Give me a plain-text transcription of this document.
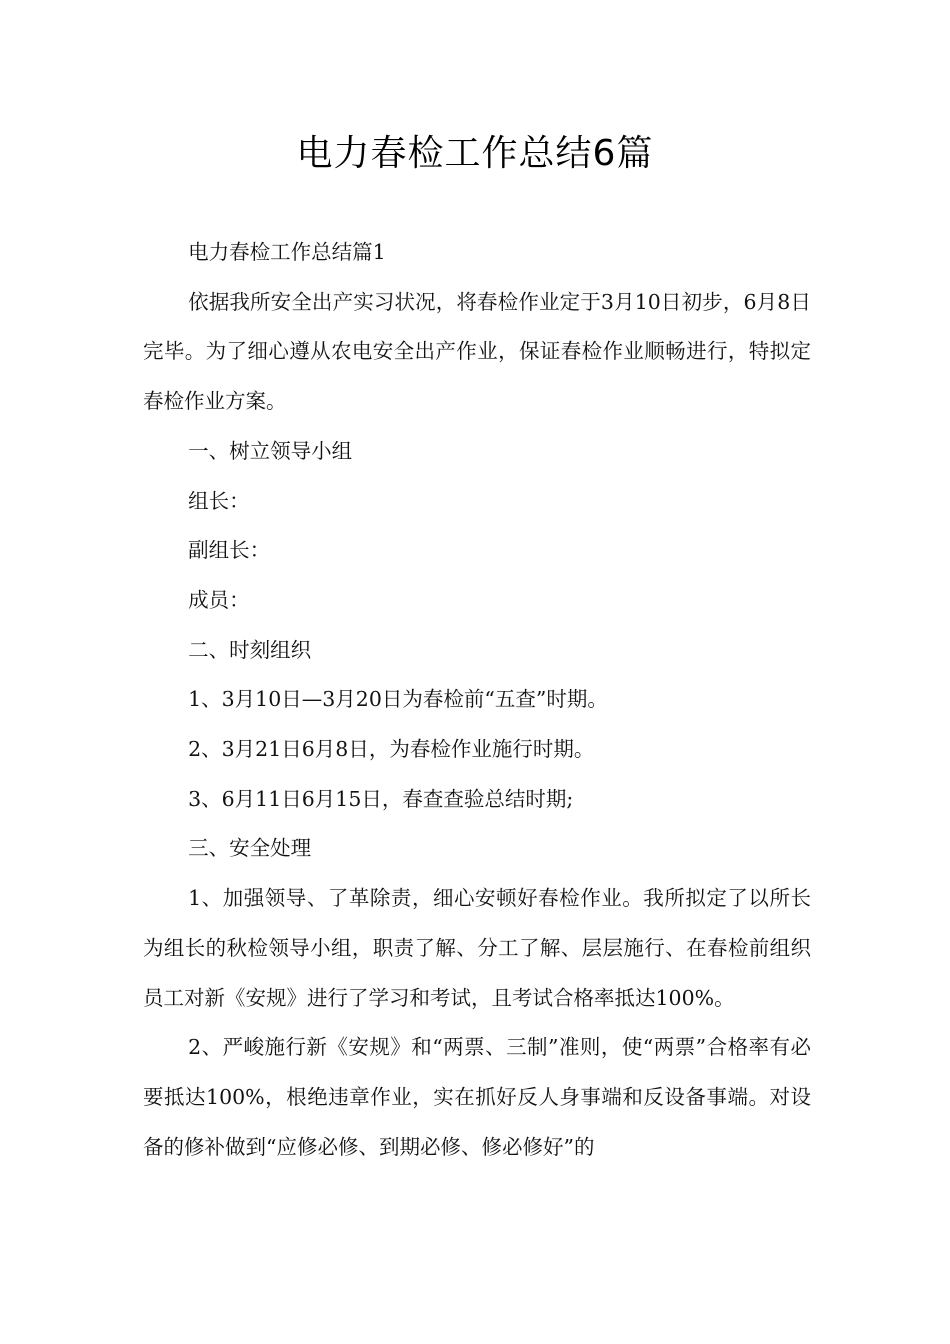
电力春检工作总结6篇

电力春检工作总结篇1

依据我所安全出产实习状况，将春检作业定于3月10日初步，6月8日完毕。为了细心遵从农电安全出产作业，保证春检作业顺畅进行，特拟定春检作业方案。

一、树立领导小组

组长：

副组长：

成员：

二、时刻组织

1、3月10日—3月20日为春检前“五查”时期。

2、3月21日6月8日，为春检作业施行时期。

3、6月11日6月15日，春查查验总结时期;

三、安全处理

1、加强领导、了革除责，细心安顿好春检作业。我所拟定了以所长为组长的秋检领导小组，职责了解、分工了解、层层施行、在春检前组织员工对新《安规》进行了学习和考试，且考试合格率抵达100%。

2、严峻施行新《安规》和“两票、三制”准则，使“两票”合格率有必要抵达100%，根绝违章作业，实在抓好反人身事端和反设备事端。对设备的修补做到“应修必修、到期必修、修必修好”的
